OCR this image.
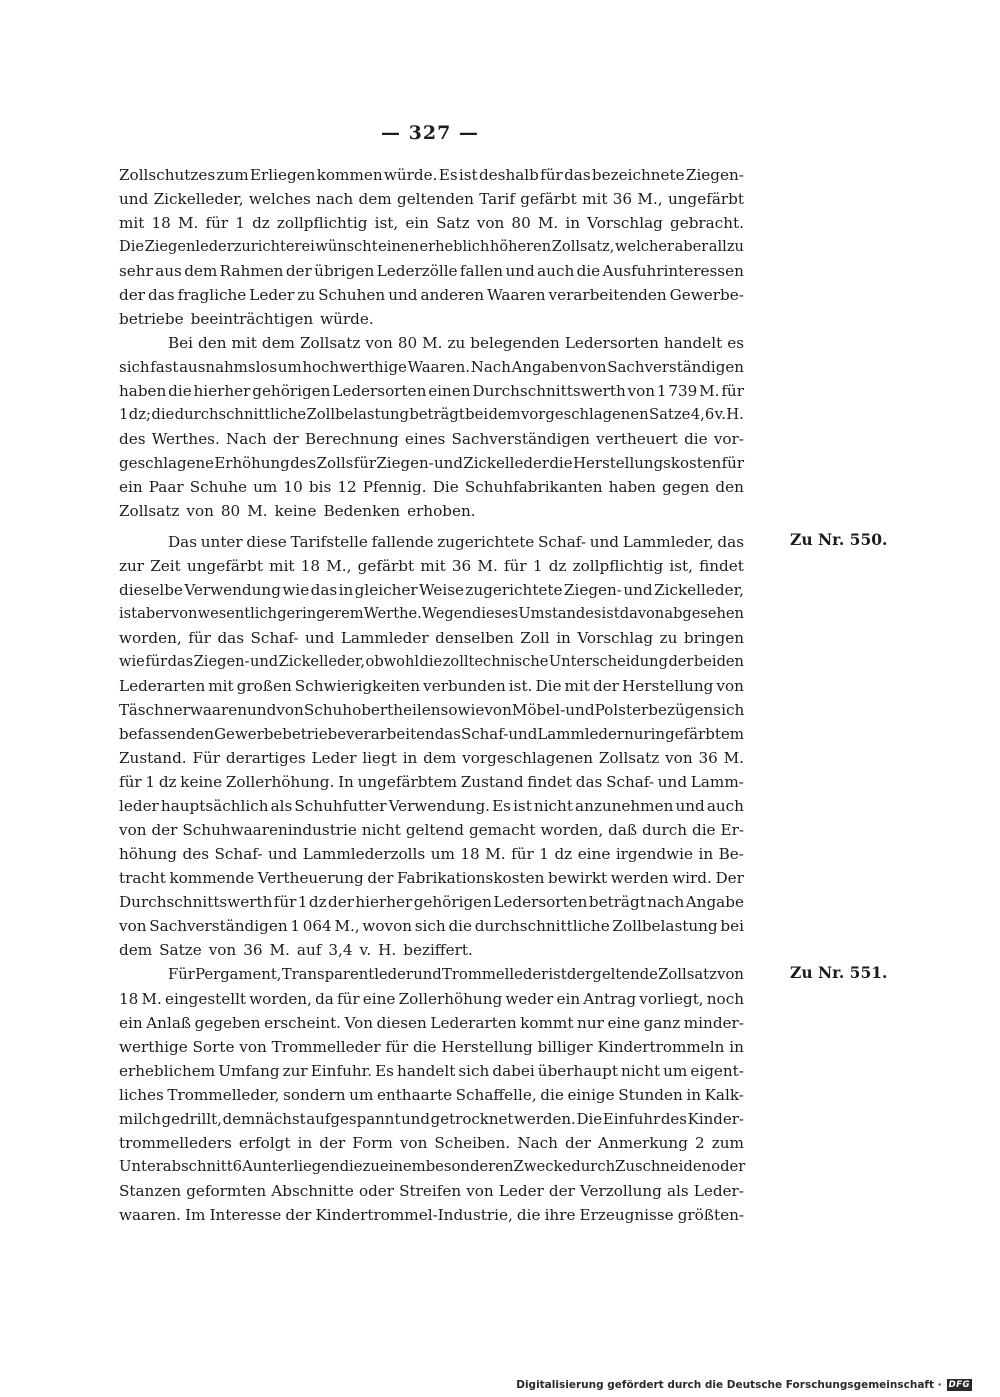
— 327 —
Zollschutzes zum Erliegen kommen würde. Es ist deshalb für das bezeichnete Ziegen-
und Zickelleder, welches nach dem geltenden Tarif gefärbt mit 36 M., ungefärbt
mit 18 M. für 1 dz zollpflichtig ist, ein Satz von 80 M. in Vorschlag gebracht.
Die Ziegenlederzurichterei wünscht einen erheblich höheren Zollsatz, welcher aber allzu
sehr aus dem Rahmen der übrigen Lederzölle fallen und auch die Ausfuhrinteressen
der das fragliche Leder zu Schuhen und anderen Waaren verarbeitenden Gewerbe-
betriebe beeinträchtigen würde.
Bei den mit dem Zollsatz von 80 M. zu belegenden Ledersorten handelt es
sich fast ausnahmslos um hochwerthige Waaren. Nach Angaben von Sachverständigen
haben die hierher gehörigen Ledersorten einen Durchschnittswerth von 1 739 M. für
1 dz; die durchschnittliche Zollbelastung beträgt bei dem vorgeschlagenen Satze 4,6 v. H.
des Werthes. Nach der Berechnung eines Sachverständigen vertheuert die vor-
geschlagene Erhöhung des Zolls für Ziegen- und Zickelleder die Herstellungskosten für
ein Paar Schuhe um 10 bis 12 Pfennig. Die Schuhfabrikanten haben gegen den
Zollsatz von 80 M. keine Bedenken erhoben.
Das unter diese Tarifstelle fallende zugerichtete Schaf- und Lammleder, das
zur Zeit ungefärbt mit 18 M., gefärbt mit 36 M. für 1 dz zollpflichtig ist, findet
dieselbe Verwendung wie das in gleicher Weise zugerichtete Ziegen- und Zickelleder,
ist aber von wesentlich geringerem Werthe. Wegen dieses Umstandes ist davon abgesehen
worden, für das Schaf- und Lammleder denselben Zoll in Vorschlag zu bringen
wie für das Ziegen- und Zickelleder, obwohl die zolltechnische Unterscheidung der beiden
Lederarten mit großen Schwierigkeiten verbunden ist. Die mit der Herstellung von
Täschnerwaaren und von Schuhobertheilen sowie von Möbel- und Polsterbezügen sich
befassenden Gewerbebetriebe verarbeiten das Schaf- und Lammleder nur in gefärbtem
Zustand. Für derartiges Leder liegt in dem vorgeschlagenen Zollsatz von 36 M.
für 1 dz keine Zollerhöhung. In ungefärbtem Zustand findet das Schaf- und Lamm-
leder hauptsächlich als Schuhfutter Verwendung. Es ist nicht anzunehmen und auch
von der Schuhwaarenindustrie nicht geltend gemacht worden, daß durch die Er-
höhung des Schaf- und Lammlederzolls um 18 M. für 1 dz eine irgendwie in Be-
tracht kommende Vertheuerung der Fabrikationskosten bewirkt werden wird. Der
Durchschnittswerth für 1 dz der hierher gehörigen Ledersorten beträgt nach Angabe
von Sachverständigen 1 064 M., wovon sich die durchschnittliche Zollbelastung bei
dem Satze von 36 M. auf 3,4 v. H. beziffert.
Für Pergament, Transparentleder und Trommelleder ist der geltende Zollsatz von
18 M. eingestellt worden, da für eine Zollerhöhung weder ein Antrag vorliegt, noch
ein Anlaß gegeben erscheint. Von diesen Lederarten kommt nur eine ganz minder-
werthige Sorte von Trommelleder für die Herstellung billiger Kindertrommeln in
erheblichem Umfang zur Einfuhr. Es handelt sich dabei überhaupt nicht um eigent-
liches Trommelleder, sondern um enthaarte Schaffelle, die einige Stunden in Kalk-
milch gedrillt, demnächst aufgespannt und getrocknet werden. Die Einfuhr des Kinder-
trommelleders erfolgt in der Form von Scheiben. Nach der Anmerkung 2 zum
Unterabschnitt 6 A unterliegen die zu einem besonderen Zwecke durch Zuschneiden oder
Stanzen geformten Abschnitte oder Streifen von Leder der Verzollung als Leder-
waaren. Im Interesse der Kindertrommel-Industrie, die ihre Erzeugnisse größten-
Zu Nr. 550.
Zu Nr. 551.
Digitalisierung gefördert durch die Deutsche Forschungsgemeinschaft · DFG
